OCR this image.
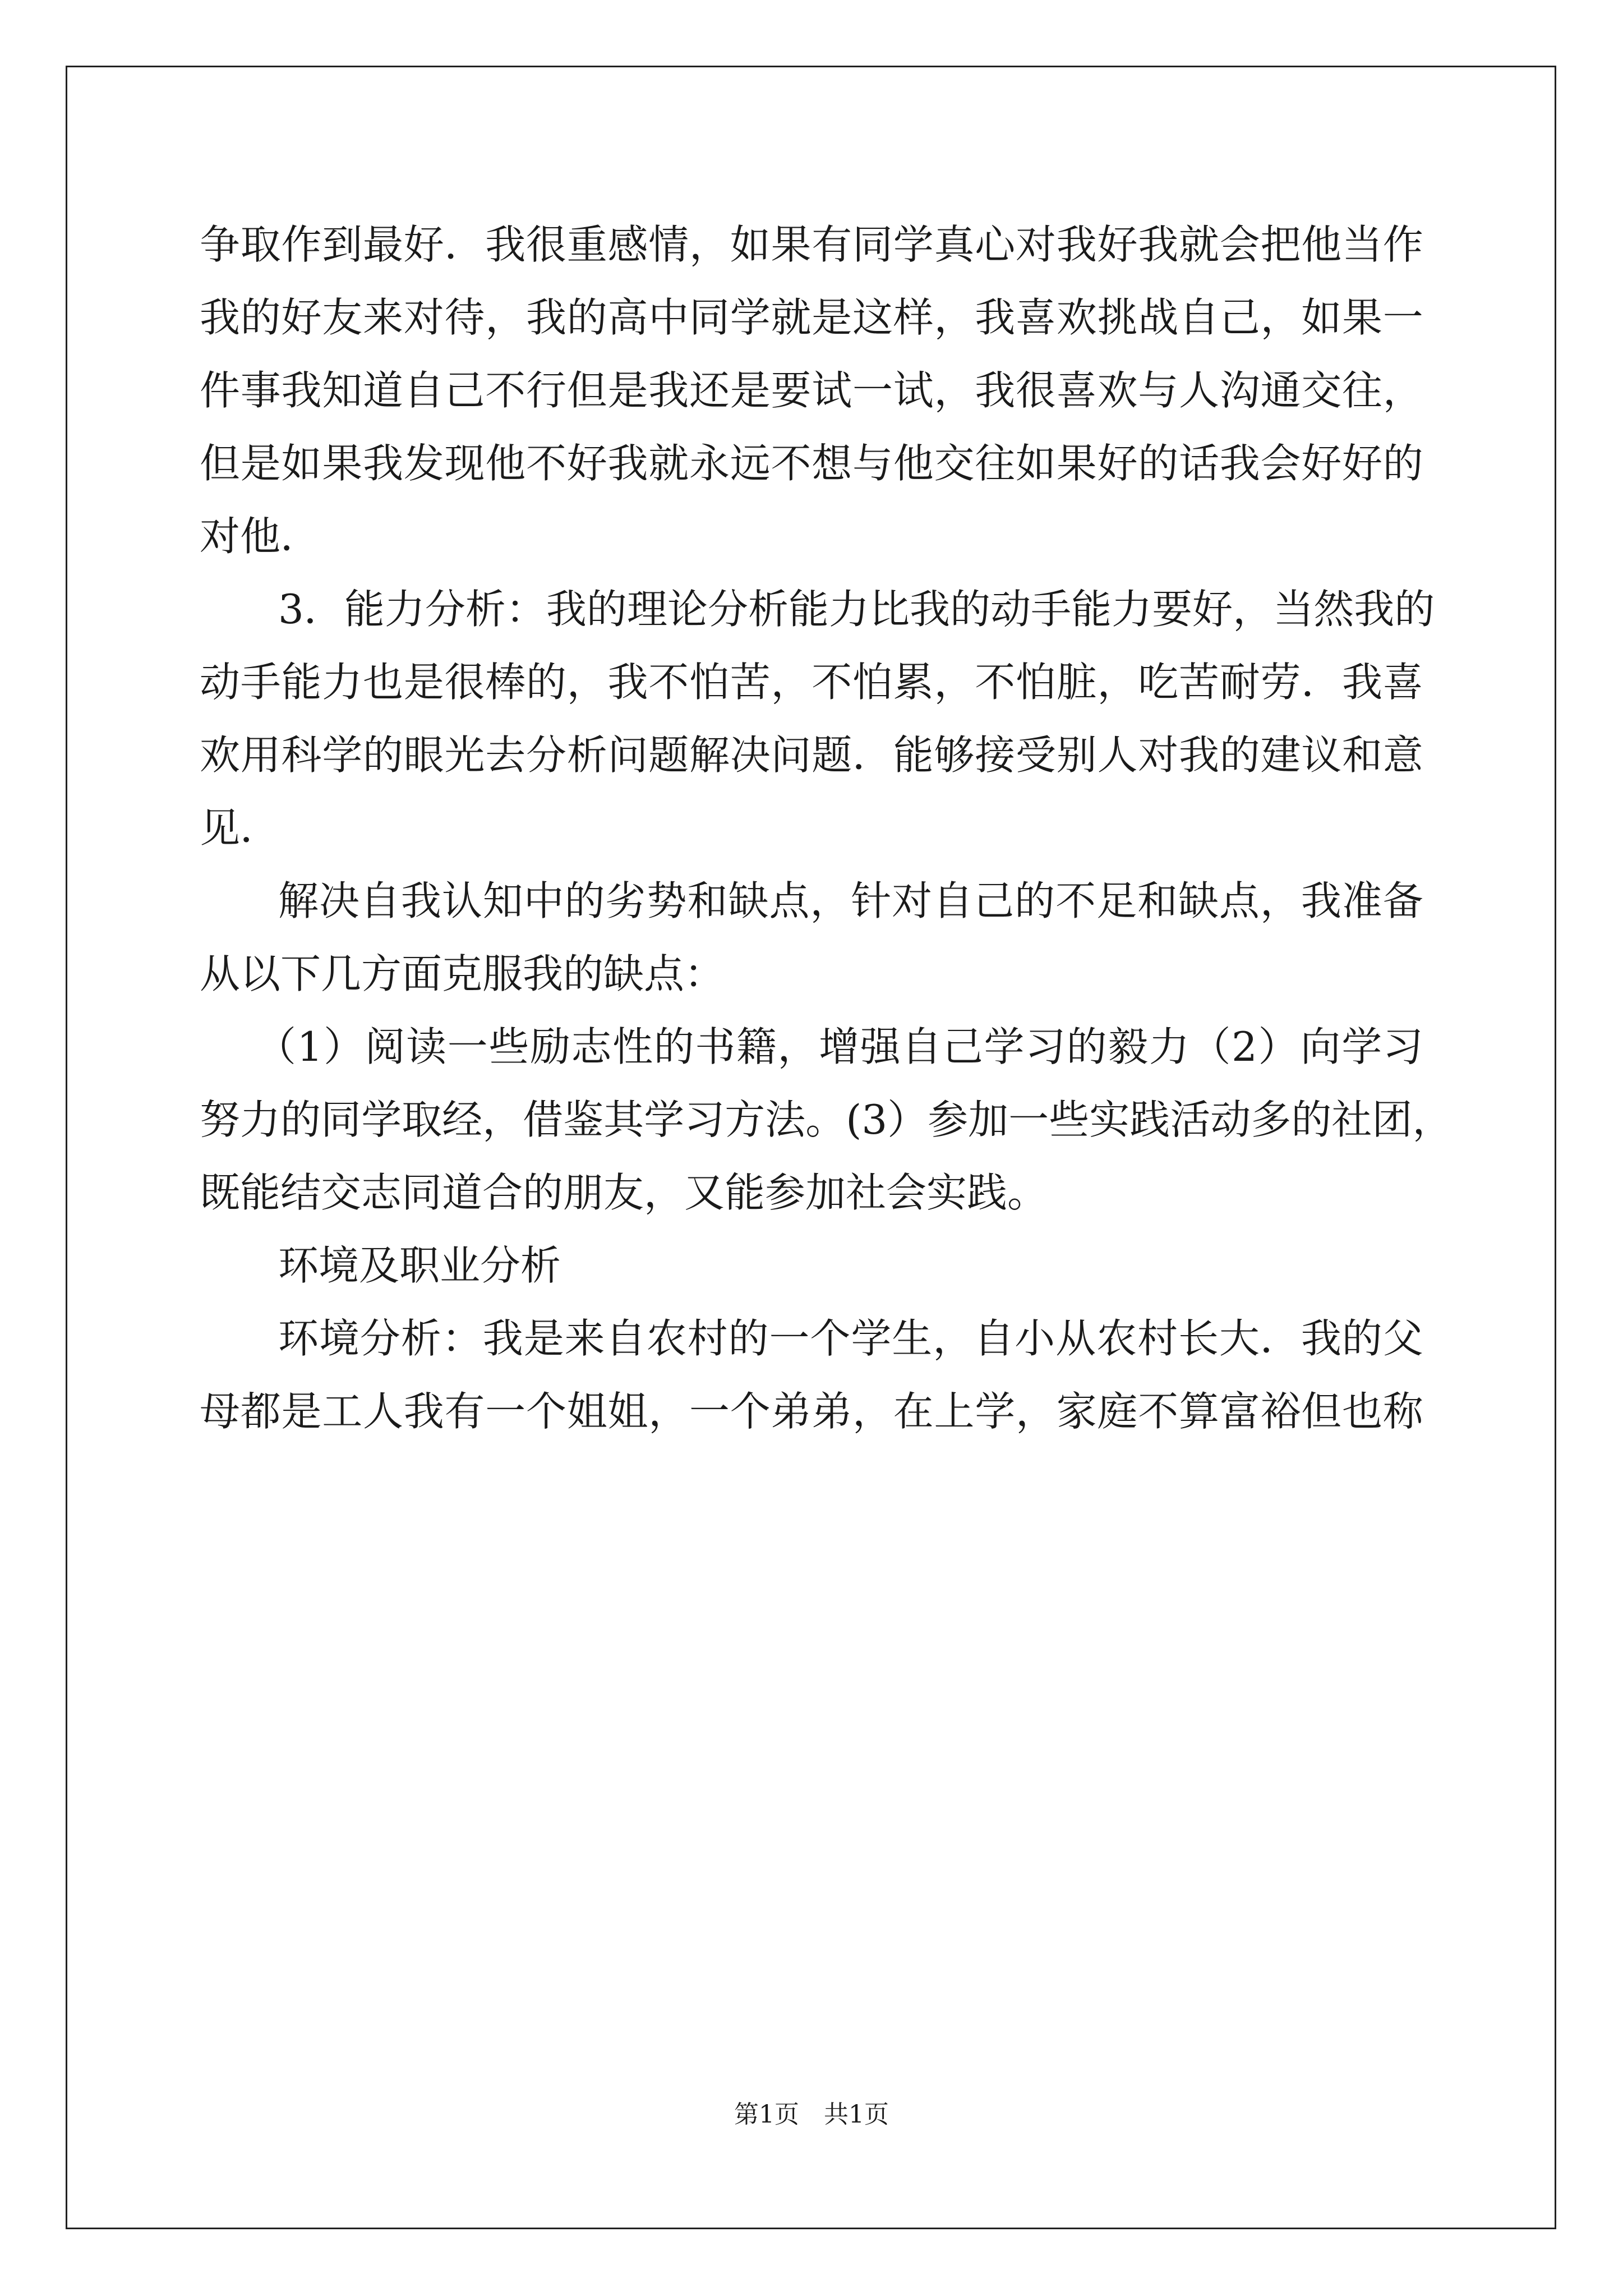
争 取 作 到 最 好 ． 我 很 重 感 情 ， 如 果 有 同 学 真 心 对 我 好 我 就 会 把 他 当 作
我 的 好 友 来 对 待 ， 我 的 高 中 同 学 就 是 这 样 ， 我 喜 欢 挑 战 自 己 ， 如 果 一
件 事 我 知 道 自 己 不 行 但 是 我 还 是 要 试 一 试 ， 我 很 喜 欢 与 人 沟 通 交 往 ，
但 是 如 果 我 发 现 他 不 好 我 就 永 远 不 想 与 他 交 往 如 果 好 的 话 我 会 好 好 的
对他．
3 ． 能 力 分 析 ： 我 的 理 论 分 析 能 力 比 我 的 动 手 能 力 要 好 ， 当 然 我 的
动 手 能 力 也 是 很 棒 的 ， 我 不 怕 苦 ， 不 怕 累 ， 不 怕 脏 ， 吃 苦 耐 劳 ． 我 喜
欢 用 科 学 的 眼 光 去 分 析 问 题 解 决 问 题 ． 能 够 接 受 别 人 对 我 的 建 议 和 意
见．
解 决 自 我 认 知 中 的 劣 势 和 缺 点 ， 针 对 自 己 的 不 足 和 缺 点 ， 我 准 备
从以下几方面克服我的缺点：
（ 1 ） 阅 读 一 些 励 志 性 的 书 籍 ， 增 强 自 己 学 习 的 毅 力 （ 2 ） 向 学 习
努 力 的 同 学 取 经 ， 借 鉴 其 学 习 方 法 。 ( 3 ） 参 加 一 些 实 践 活 动 多 的 社 团 ，
既能结交志同道合的朋友，又能参加社会实践。
环境及职业分析
环 境 分 析 ： 我 是 来 自 农 村 的 一 个 学 生 ， 自 小 从 农 村 长 大 ． 我 的 父
母 都 是 工 人 我 有 一 个 姐 姐 ， 一 个 弟 弟 ， 在 上 学 ， 家 庭 不 算 富 裕 但 也 称
第1页　共1页
